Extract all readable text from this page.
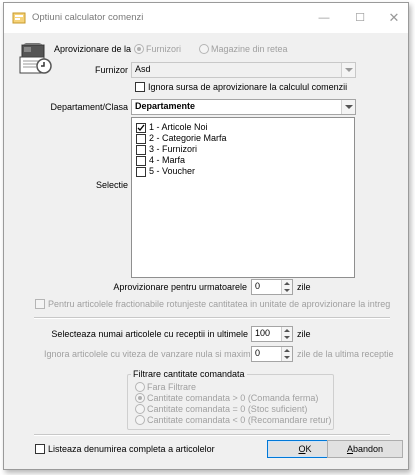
Optiuni calculator comenzi	—	☐	✕
Aprovizionare de la Furnizori	Magazine din retea
Furnizor Asd
Ignora sursa de aprovizionare la calculul comenzii
Departament/Clasa Departamente
Selectie
1 - Articole Noi
2 - Categorie Marfa
3 - Furnizori
4 - Marfa
5 - Voucher
Aprovizionare pentru urmatoarele 0	zile
Pentru articolele fractionabile rotunjeste cantitatea in unitate de aprovizionare la intreg
Selecteaza numai articolele cu receptii in ultimele 100	zile
Ignora articolele cu viteza de vanzare nula si maxim 0	zile de la ultima receptie
Filtrare cantitate comandata
Fara Filtrare
Cantitate comandata > 0 (Comanda ferma)
Cantitate comandata = 0 (Stoc suficient)
Cantitate comandata < 0 (Recomandare retur)
Listeaza denumirea completa a articolelor	OK	Abandon
